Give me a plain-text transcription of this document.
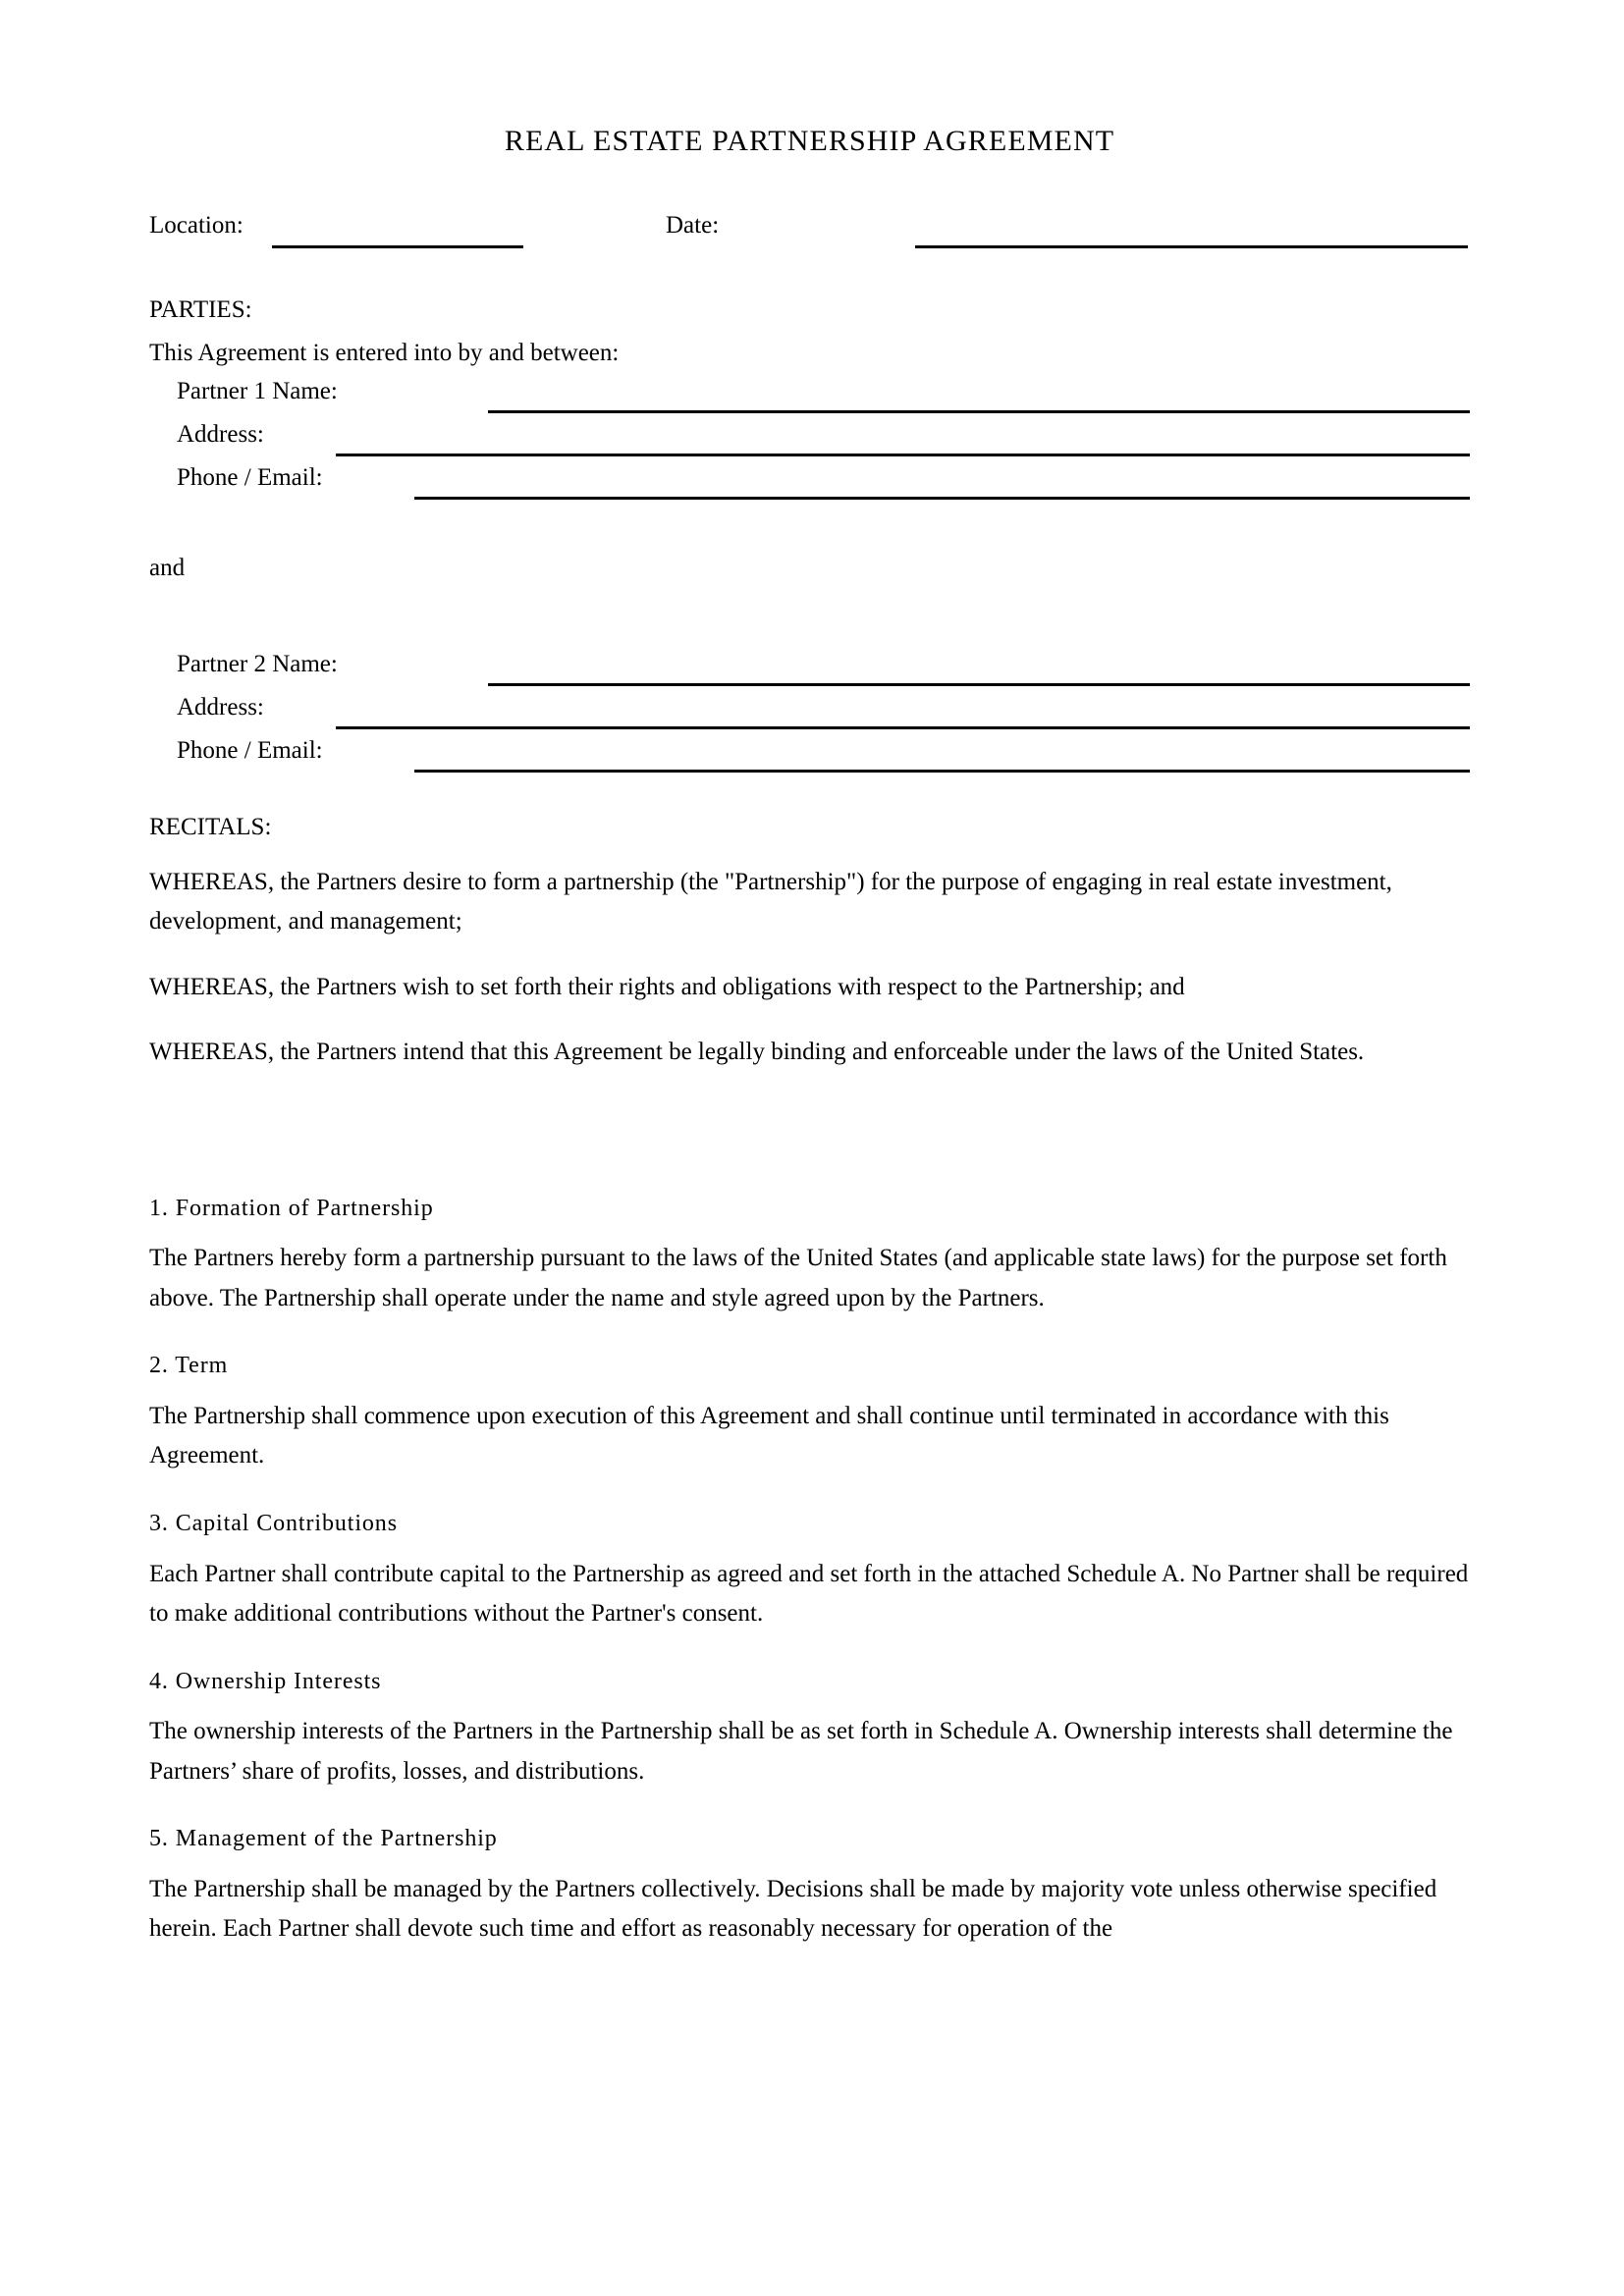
REAL ESTATE PARTNERSHIP AGREEMENT
Location:	Date:

PARTIES:

This Agreement is entered into by and between:

Partner 1 Name:
Address:
Phone / Email:

and

Partner 2 Name:
Address:
Phone / Email:

RECITALS:

WHEREAS, the Partners desire to form a partnership (the "Partnership") for the purpose of engaging in real estate investment, development, and management;

WHEREAS, the Partners wish to set forth their rights and obligations with respect to the Partnership; and

WHEREAS, the Partners intend that this Agreement be legally binding and enforceable under the laws of the United States.

1. Formation of Partnership

The Partners hereby form a partnership pursuant to the laws of the United States (and applicable state laws) for the purpose set forth above. The Partnership shall operate under the name and style agreed upon by the Partners.

2. Term

The Partnership shall commence upon execution of this Agreement and shall continue until terminated in accordance with this Agreement.

3. Capital Contributions

Each Partner shall contribute capital to the Partnership as agreed and set forth in the attached Schedule A. No Partner shall be required to make additional contributions without the Partner's consent.

4. Ownership Interests

The ownership interests of the Partners in the Partnership shall be as set forth in Schedule A. Ownership interests shall determine the Partners’ share of profits, losses, and distributions.

5. Management of the Partnership

The Partnership shall be managed by the Partners collectively. Decisions shall be made by majority vote unless otherwise specified herein. Each Partner shall devote such time and effort as reasonably necessary for operation of the
